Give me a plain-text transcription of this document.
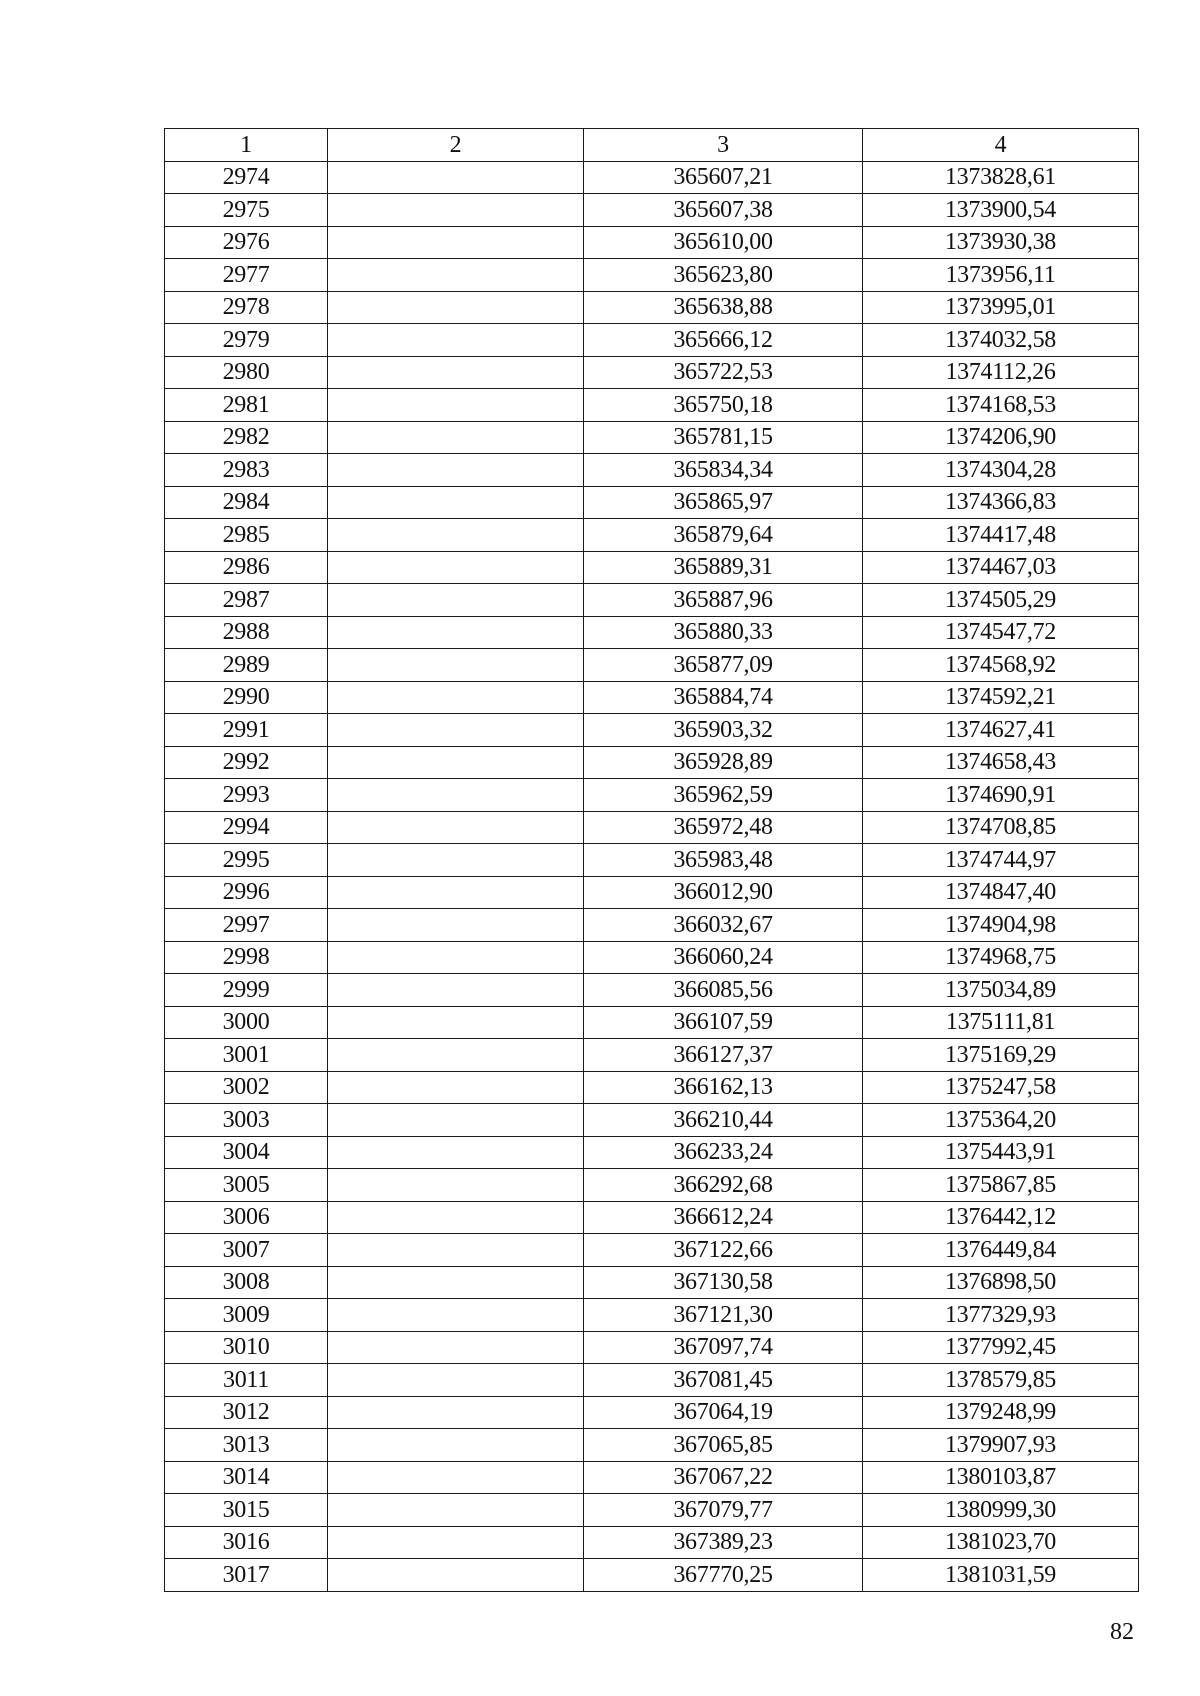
1	2	3	4
2974		365607,21	1373828,61
2975		365607,38	1373900,54
2976		365610,00	1373930,38
2977		365623,80	1373956,11
2978		365638,88	1373995,01
2979		365666,12	1374032,58
2980		365722,53	1374112,26
2981		365750,18	1374168,53
2982		365781,15	1374206,90
2983		365834,34	1374304,28
2984		365865,97	1374366,83
2985		365879,64	1374417,48
2986		365889,31	1374467,03
2987		365887,96	1374505,29
2988		365880,33	1374547,72
2989		365877,09	1374568,92
2990		365884,74	1374592,21
2991		365903,32	1374627,41
2992		365928,89	1374658,43
2993		365962,59	1374690,91
2994		365972,48	1374708,85
2995		365983,48	1374744,97
2996		366012,90	1374847,40
2997		366032,67	1374904,98
2998		366060,24	1374968,75
2999		366085,56	1375034,89
3000		366107,59	1375111,81
3001		366127,37	1375169,29
3002		366162,13	1375247,58
3003		366210,44	1375364,20
3004		366233,24	1375443,91
3005		366292,68	1375867,85
3006		366612,24	1376442,12
3007		367122,66	1376449,84
3008		367130,58	1376898,50
3009		367121,30	1377329,93
3010		367097,74	1377992,45
3011		367081,45	1378579,85
3012		367064,19	1379248,99
3013		367065,85	1379907,93
3014		367067,22	1380103,87
3015		367079,77	1380999,30
3016		367389,23	1381023,70
3017		367770,25	1381031,59
82
